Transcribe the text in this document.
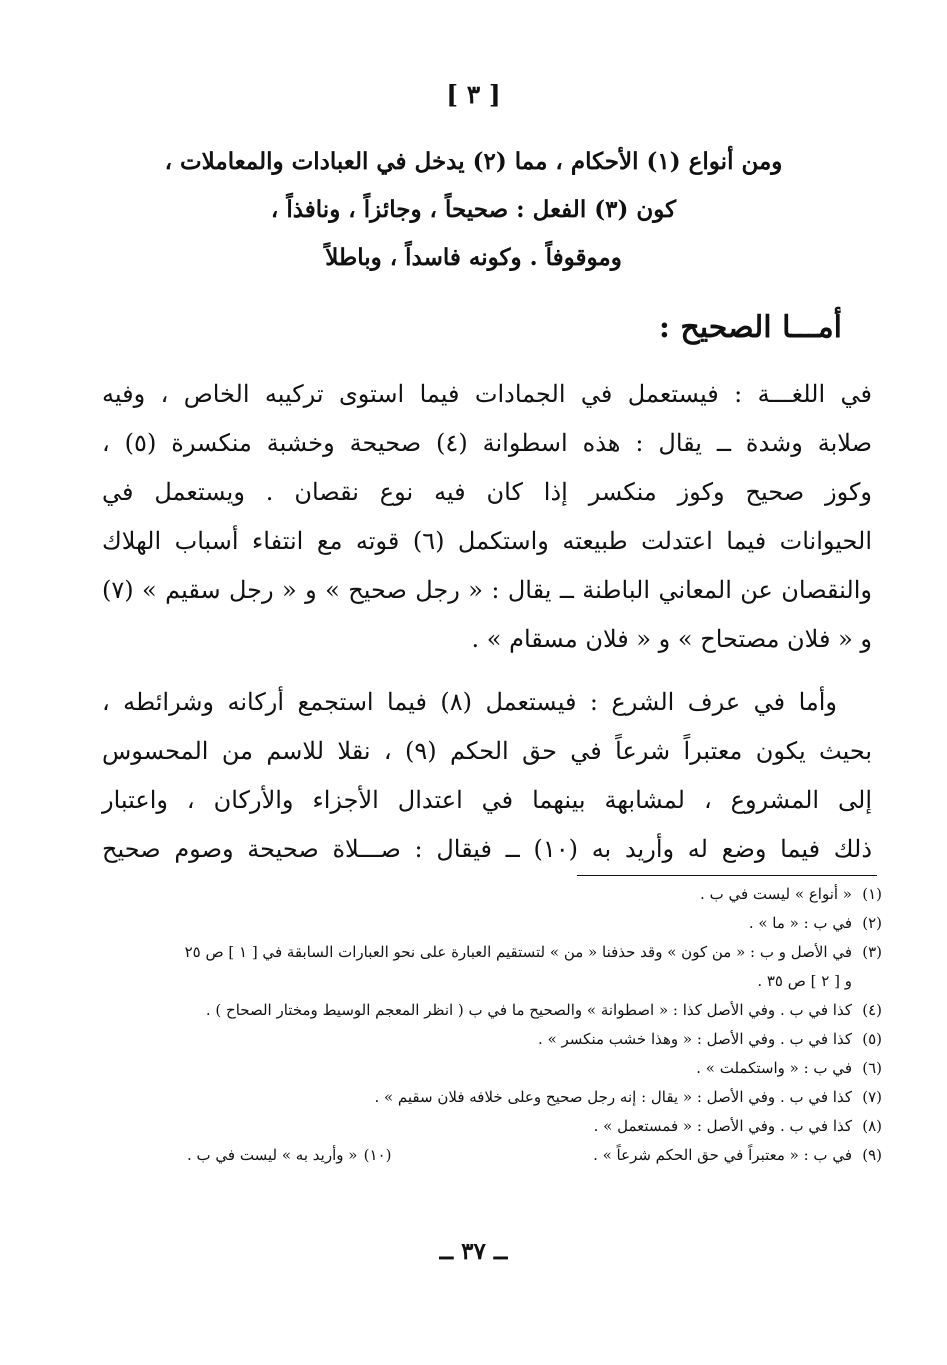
[ ٣ ]
ومن أنواع (١) الأحكام ، مما (٢) يدخل في العبادات والمعاملات ،
كون (٣) الفعل : صحيحاً ، وجائزاً ، ونافذاً ،
وموقوفاً . وكونه فاسداً ، وباطلاً
أمـــا الصحيح :
في اللغـــة : فيستعمل في الجمادات فيما استوى تركيبه الخاص ، وفيه
صلابة وشدة ــ يقال : هذه اسطوانة (٤) صحيحة وخشبة منكسرة (٥) ،
وكوز صحيح وكوز منكسر إذا كان فيه نوع نقصان . ويستعمل في
الحيوانات فيما اعتدلت طبيعته واستكمل (٦) قوته مع انتفاء أسباب الهلاك
والنقصان عن المعاني الباطنة ــ يقال : « رجل صحيح » و « رجل سقيم » (٧)
و « فلان مصتحاح » و « فلان مسقام » .
وأما في عرف الشرع : فيستعمل (٨) فيما استجمع أركانه وشرائطه ،
بحيث يكون معتبراً شرعاً في حق الحكم (٩) ، نقلا للاسم من المحسوس
إلى المشروع ، لمشابهة بينهما في اعتدال الأجزاء والأركان ، واعتبار
ذلك فيما وضع له وأريد به (١٠) ــ فيقال : صـــلاة صحيحة وصوم صحيح
(١)« أنواع » ليست في ب .
(٢)في ب : « ما » .
(٣)في الأصل و ب : « من كون » وقد حذفنا « من » لتستقيم العبارة على نحو العبارات السابقة في [ ١ ] ص ٢٥
و [ ٢ ] ص ٣٥ .
(٤)كذا في ب . وفي الأصل كذا : « اصطوانة » والصحيح ما في ب ( انظر المعجم الوسيط ومختار الصحاح ) .
(٥)كذا في ب . وفي الأصل : « وهذا خشب منكسر » .
(٦)في ب : « واستكملت » .
(٧)كذا في ب . وفي الأصل : « يقال : إنه رجل صحيح وعلى خلافه فلان سقيم » .
(٨)كذا في ب . وفي الأصل : « فمستعمل » .
(٩)في ب : « معتبراً في حق الحكم شرعاً » .
(١٠)« وأريد به » ليست في ب .
ــ ٣٧ ــ
